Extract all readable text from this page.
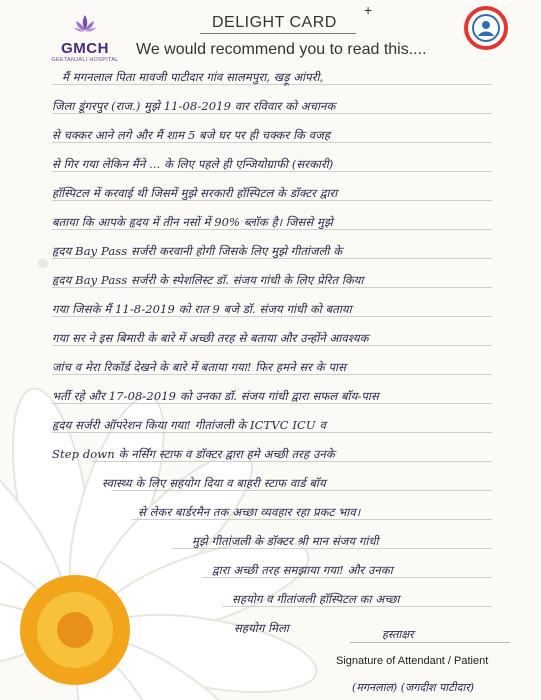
GMCH
GEETANJALI HOSPITAL
DELIGHT CARD
+
We would recommend you to read this....
मैं मगनलाल पिता मावजी पाटीदार गांव सालमपुरा, खड़ू आंपरी,
जिला डूंगरपुर (राज.) मुझे 11-08-2019 वार रविवार को अचानक
से चक्कर आने लगे और मैं शाम 5 बजे घर पर ही चक्कर कि वजह
से गिर गया लेकिन मैंने ... के लिए पहले ही एन्जियोग्राफी (सरकारी)
हॉस्पिटल में करवाई थी जिसमें मुझे सरकारी हॉस्पिटल के डॉक्टर द्वारा
बताया कि आपके हृदय में तीन नसों में 90% ब्लॉक है। जिससे मुझे
हृदय Bay Pass सर्जरी करवानी होगी जिसके लिए मुझे गीतांजली के
हृदय Bay Pass सर्जरी के स्पेशलिस्ट डॉ. संजय गांधी के लिए प्रेरित किया
गया जिसके मैं 11-8-2019 को रात 9 बजे डॉ. संजय गांधी को बताया
गया सर ने इस बिमारी के बारे में अच्छी तरह से बताया और उन्होंने आवश्यक
जांच व मेरा रिकॉर्ड देखने के बारे में बताया गया! फिर हमने सर के पास
भर्ती रहे और 17-08-2019 को उनका डॉ. संजय गांधी द्वारा सफल बॉय-पास
हृदय सर्जरी ऑपरेशन किया गया! गीतांजली के ICTVC ICU व
Step down के नर्सिंग स्टाफ व डॉक्टर द्वारा हमे अच्छी तरह उनके
स्वास्थ्य के लिए सहयोग दिया व बाहरी स्टाफ वार्ड बॉय
से लेकर बार्डरमैन तक अच्छा व्यवहार रहा प्रकट भाव।
मुझे गीतांजली के डॉक्टर श्री मान संजय गांधी
द्वारा अच्छी तरह समझाया गया! और उनका
सहयोग व गीतांजली हॉस्पिटल का अच्छा
सहयोग मिला	हस्ताक्षर
Signature of Attendant / Patient
(मगनलाल) (जगदीश पाटीदार)
